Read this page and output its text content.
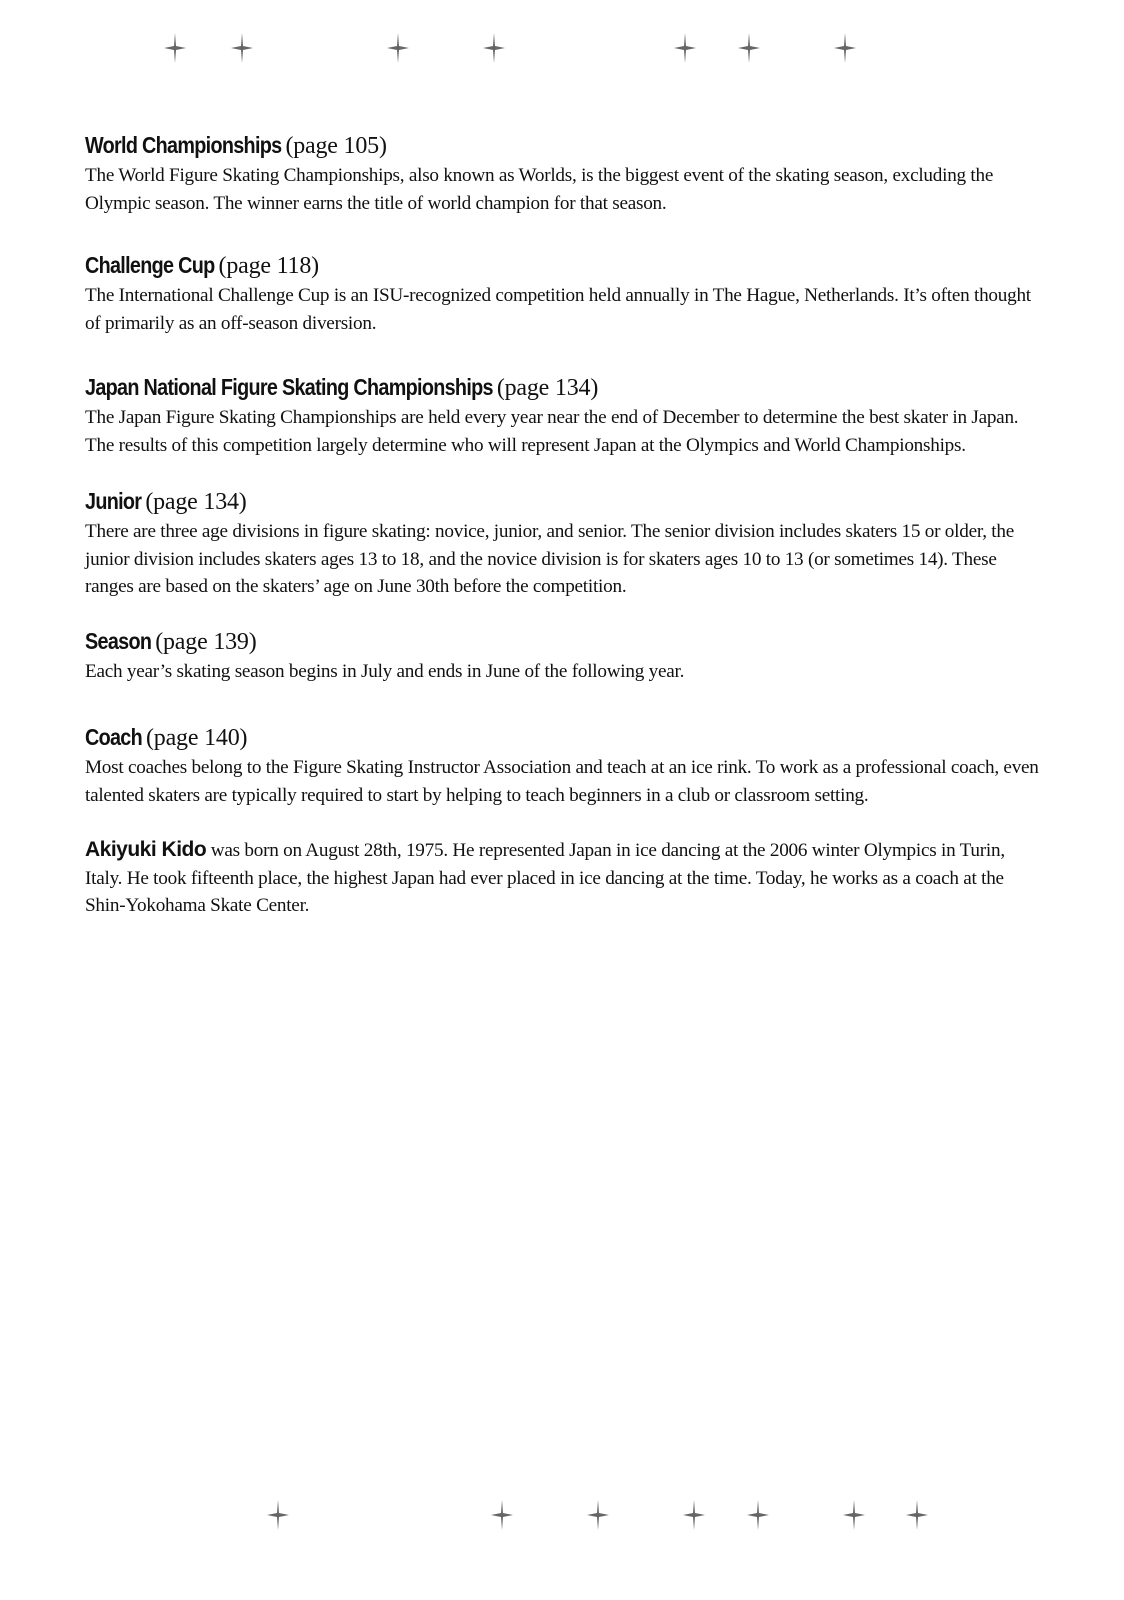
World Championships (page 105)

The World Figure Skating Championships, also known as Worlds, is the biggest event of the skating season, excluding the Olympic season. The winner earns the title of world champion for that season.

Challenge Cup (page 118)

The International Challenge Cup is an ISU-recognized competition held annually in The Hague, Netherlands. It’s often thought of primarily as an off-season diversion.

Japan National Figure Skating Championships (page 134)

The Japan Figure Skating Championships are held every year near the end of December to determine the best skater in Japan. The results of this competition largely determine who will represent Japan at the Olympics and World Championships.

Junior (page 134)

There are three age divisions in figure skating: novice, junior, and senior. The senior division includes skaters 15 or older, the junior division includes skaters ages 13 to 18, and the novice division is for skaters ages 10 to 13 (or sometimes 14). These ranges are based on the skaters’ age on June 30th before the competition.

Season (page 139)

Each year’s skating season begins in July and ends in June of the following year.

Coach (page 140)

Most coaches belong to the Figure Skating Instructor Association and teach at an ice rink. To work as a professional coach, even talented skaters are typically required to start by helping to teach beginners in a club or classroom setting.

Akiyuki Kido was born on August 28th, 1975. He represented Japan in ice dancing at the 2006 winter Olympics in Turin, Italy. He took fifteenth place, the highest Japan had ever placed in ice dancing at the time. Today, he works as a coach at the Shin-Yokohama Skate Center.
